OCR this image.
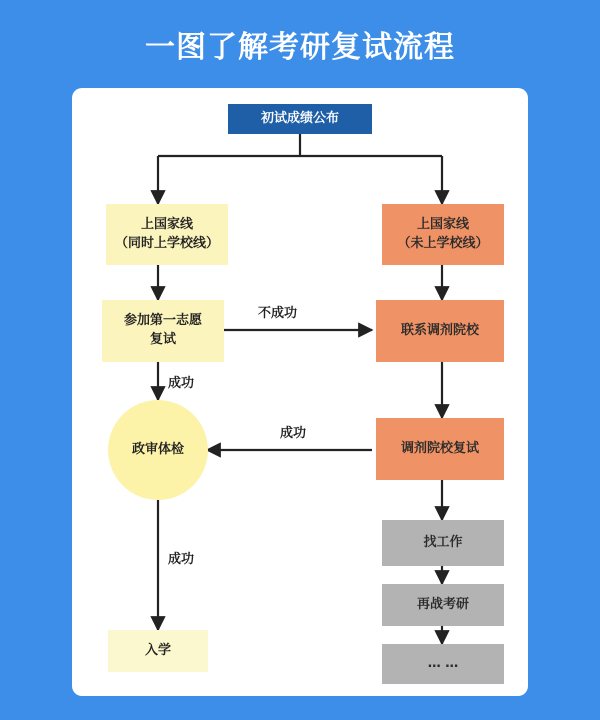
一图了解考研复试流程
初试成绩公布
上国家线
（同时上学校线）
上国家线
（未上学校线）
参加第一志愿
复试
联系调剂院校
政审体检	调剂院校复试
找工作
再战考研
… …
入学
不成功
成功
成功
成功
